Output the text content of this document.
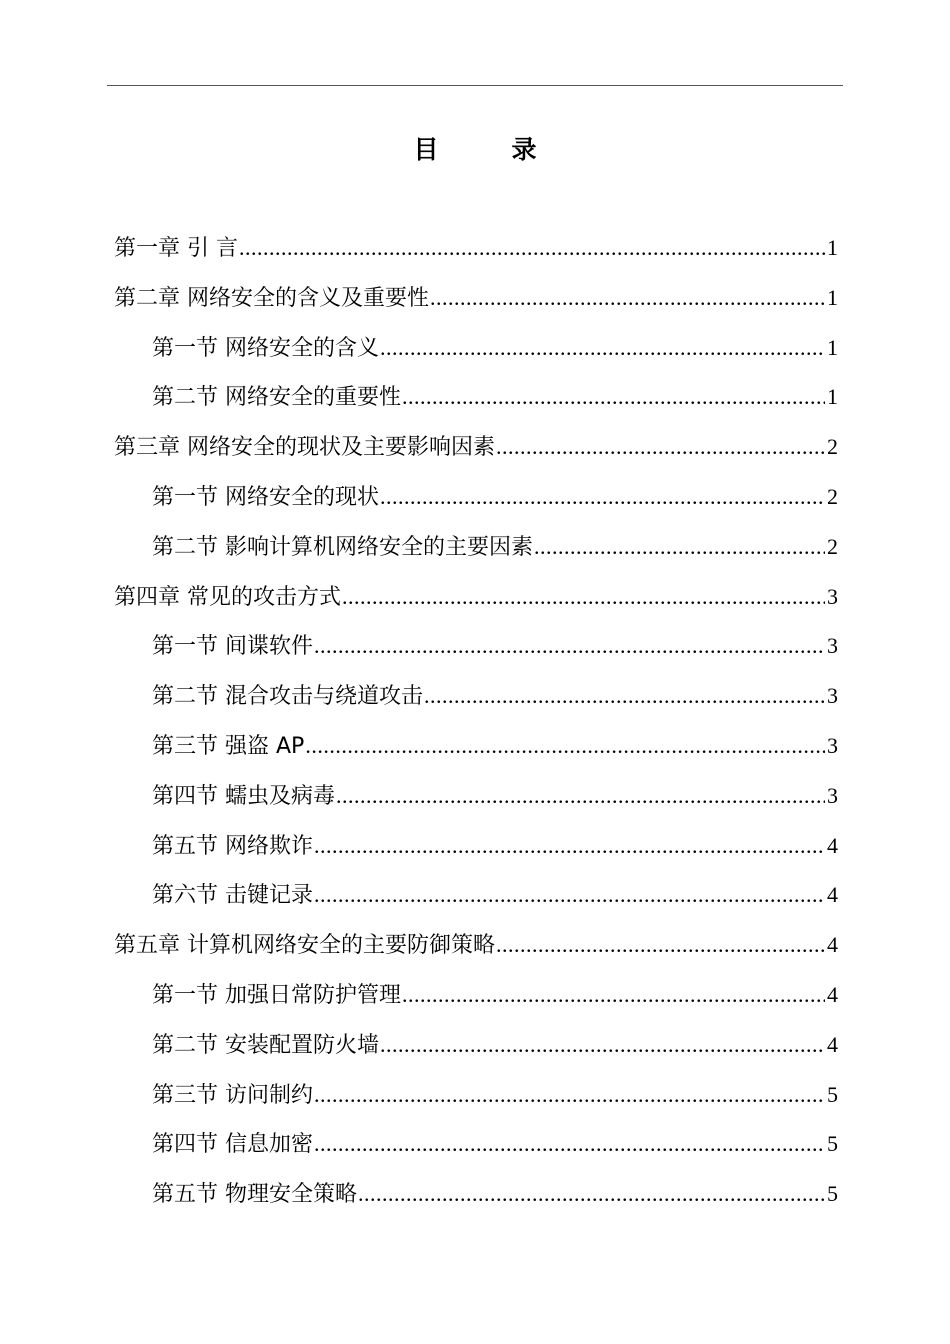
目　录
第一章 引 言 .....	1
第二章 网络安全的含义及重要性 .....	1
第一节 网络安全的含义 .....	1
第二节 网络安全的重要性 .....	1
第三章 网络安全的现状及主要影响因素 .....	2
第一节 网络安全的现状 .....	2
第二节 影响计算机网络安全的主要因素 .....	2
第四章 常见的攻击方式 .....	3
第一节 间谍软件 .....	3
第二节 混合攻击与绕道攻击 .....	3
第三节 强盗 AP .....	3
第四节 蠕虫及病毒 .....	3
第五节 网络欺诈 .....	4
第六节 击键记录 .....	4
第五章 计算机网络安全的主要防御策略 .....	4
第一节 加强日常防护管理 .....	4
第二节 安装配置防火墙 .....	4
第三节 访问制约 .....	5
第四节 信息加密 .....	5
第五节 物理安全策略 .....	5
